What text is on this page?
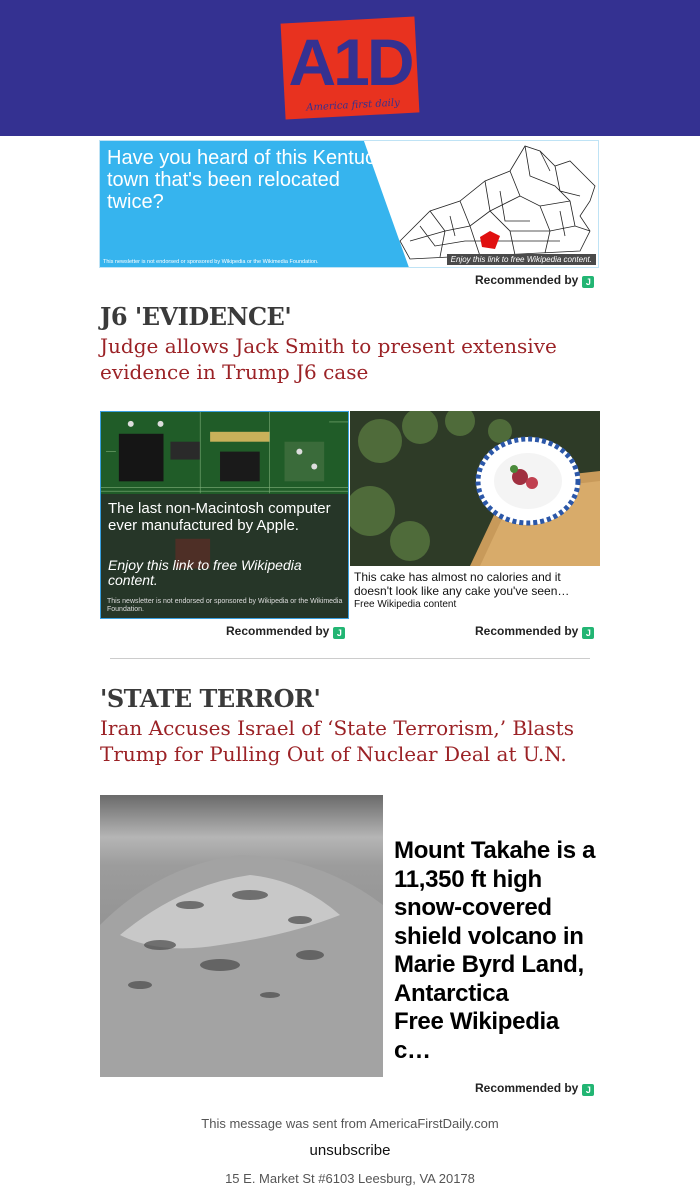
A1D
America first daily
Have you heard of this Kentucky town that's been relocated twice?
This newsletter is not endorsed or sponsored by Wikipedia or the Wikimedia Foundation.	Enjoy this link to free Wikipedia content.
Recommended by J
J6 'EVIDENCE'
Judge allows Jack Smith to present extensive evidence in Trump J6 case
The last non-Macintosh computer ever manufactured by Apple.
Enjoy this link to free Wikipedia content.
This newsletter is not endorsed or sponsored by Wikipedia or the Wikimedia Foundation.
Recommended by J
This cake has almost no calories and it doesn't look like any cake you've seen…
Free Wikipedia content
Recommended by J
'STATE TERROR'
Iran Accuses Israel of ‘State Terrorism,’ Blasts Trump for Pulling Out of Nuclear Deal at U.N.
Mount Takahe is a 11,350 ft high snow-covered shield volcano in Marie Byrd Land, Antarctica
Free Wikipedia c…
Recommended by J
This message was sent from AmericaFirstDaily.com
unsubscribe
15 E. Market St #6103 Leesburg, VA 20178
